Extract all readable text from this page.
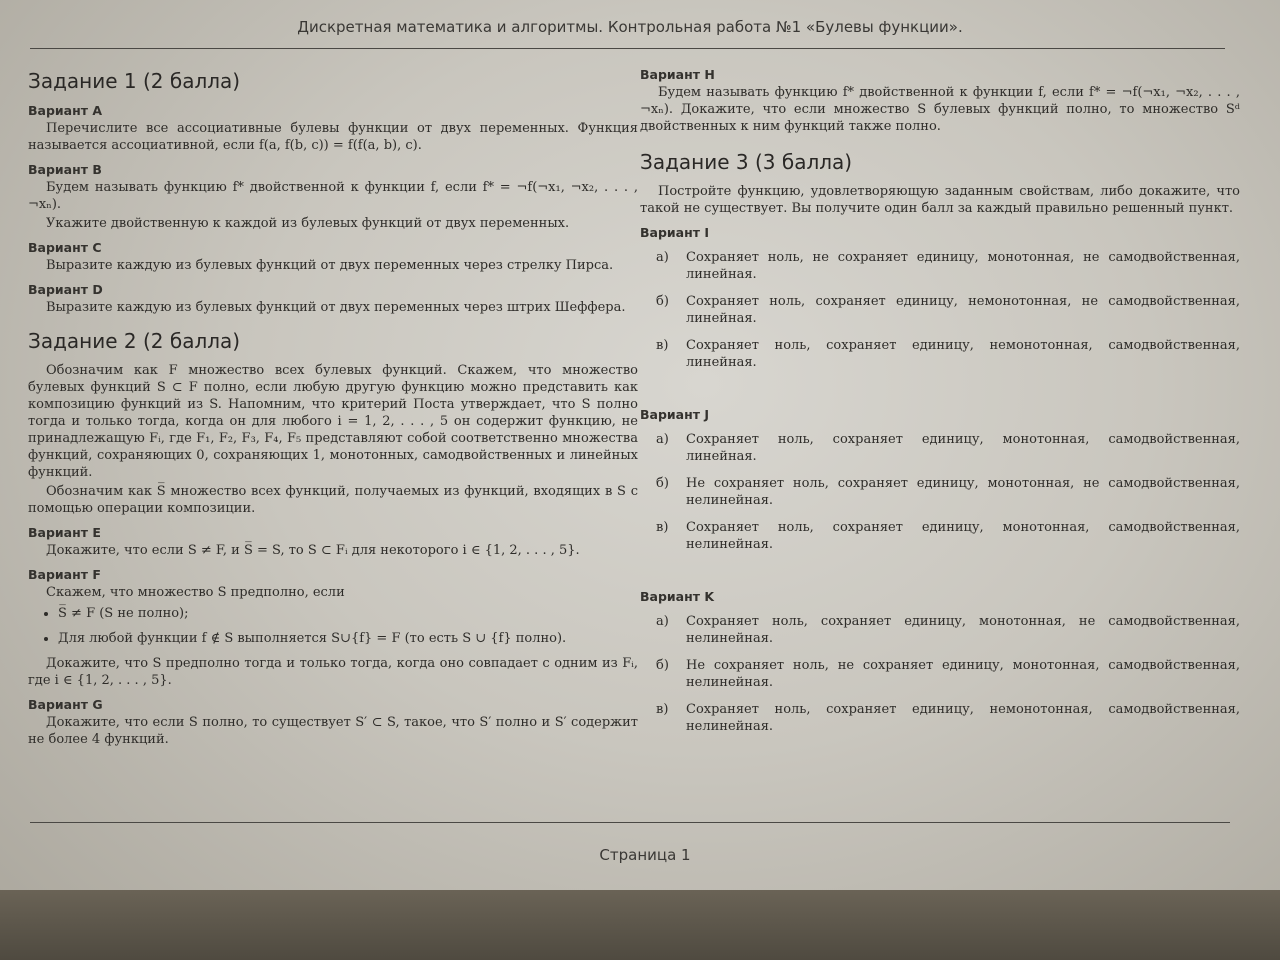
Дискретная математика и алгоритмы. Контрольная работа №1 «Булевы функции».
Задание 1 (2 балла)
Вариант A

Перечислите все ассоциативные булевы функции от двух переменных. Функция называется ассоциативной, если f(a, f(b, c)) = f(f(a, b), c).

Вариант B

Будем называть функцию f* двойственной к функции f, если f* = ¬f(¬x₁, ¬x₂, . . . , ¬xₙ).

Укажите двойственную к каждой из булевых функций от двух переменных.

Вариант C

Выразите каждую из булевых функций от двух переменных через стрелку Пирса.

Вариант D

Выразите каждую из булевых функций от двух переменных через штрих Шеффера.

Задание 2 (2 балла)

Обозначим как F множество всех булевых функций. Скажем, что множество булевых функций S ⊂ F полно, если любую другую функцию можно представить как композицию функций из S. Напомним, что критерий Поста утверждает, что S полно тогда и только тогда, когда он для любого i = 1, 2, . . . , 5 он содержит функцию, не принадлежащую Fᵢ, где F₁, F₂, F₃, F₄, F₅ представляют собой соответственно множества функций, сохраняющих 0, сохраняющих 1, монотонных, самодвойственных и линейных функций.

Обозначим как S̅ множество всех функций, получаемых из функций, входящих в S с помощью операции композиции.

Вариант E

Докажите, что если S ≠ F, и S̅ = S, то S ⊂ Fᵢ для некоторого i ∈ {1, 2, . . . , 5}.

Вариант F

Скажем, что множество S предполно, если

• S̅ ≠ F (S не полно);
• Для любой функции f ∉ S выполняется S∪{f} = F (то есть S ∪ {f} полно).

Докажите, что S предполно тогда и только тогда, когда оно совпадает с одним из Fᵢ, где i ∈ {1, 2, . . . , 5}.

Вариант G

Докажите, что если S полно, то существует S′ ⊂ S, такое, что S′ полно и S′ содержит не более 4 функций.

Вариант H

Будем называть функцию f* двойственной к функции f, если f* = ¬f(¬x₁, ¬x₂, . . . , ¬xₙ). Докажите, что если множество S булевых функций полно, то множество Sᵈ двойственных к ним функций также полно.

Задание 3 (3 балла)

Постройте функцию, удовлетворяющую заданным свойствам, либо докажите, что такой не существует. Вы получите один балл за каждый правильно решенный пункт.

Вариант I
а)	Сохраняет ноль, не сохраняет единицу, монотонная, не самодвойственная, линейная.
б)	Сохраняет ноль, сохраняет единицу, немонотонная, не самодвойственная, линейная.
в)	Сохраняет ноль, сохраняет единицу, немонотонная, самодвойственная, линейная.
Вариант J
а)	Сохраняет ноль, сохраняет единицу, монотонная, самодвойственная, линейная.
б)	Не сохраняет ноль, сохраняет единицу, монотонная, не самодвойственная, нелинейная.
в)	Сохраняет ноль, сохраняет единицу, монотонная, самодвойственная, нелинейная.
Вариант K
а)	Сохраняет ноль, сохраняет единицу, монотонная, не самодвойственная, нелинейная.
б)	Не сохраняет ноль, не сохраняет единицу, монотонная, самодвойственная, нелинейная.
в)	Сохраняет ноль, сохраняет единицу, немонотонная, самодвойственная, нелинейная.
Страница 1
